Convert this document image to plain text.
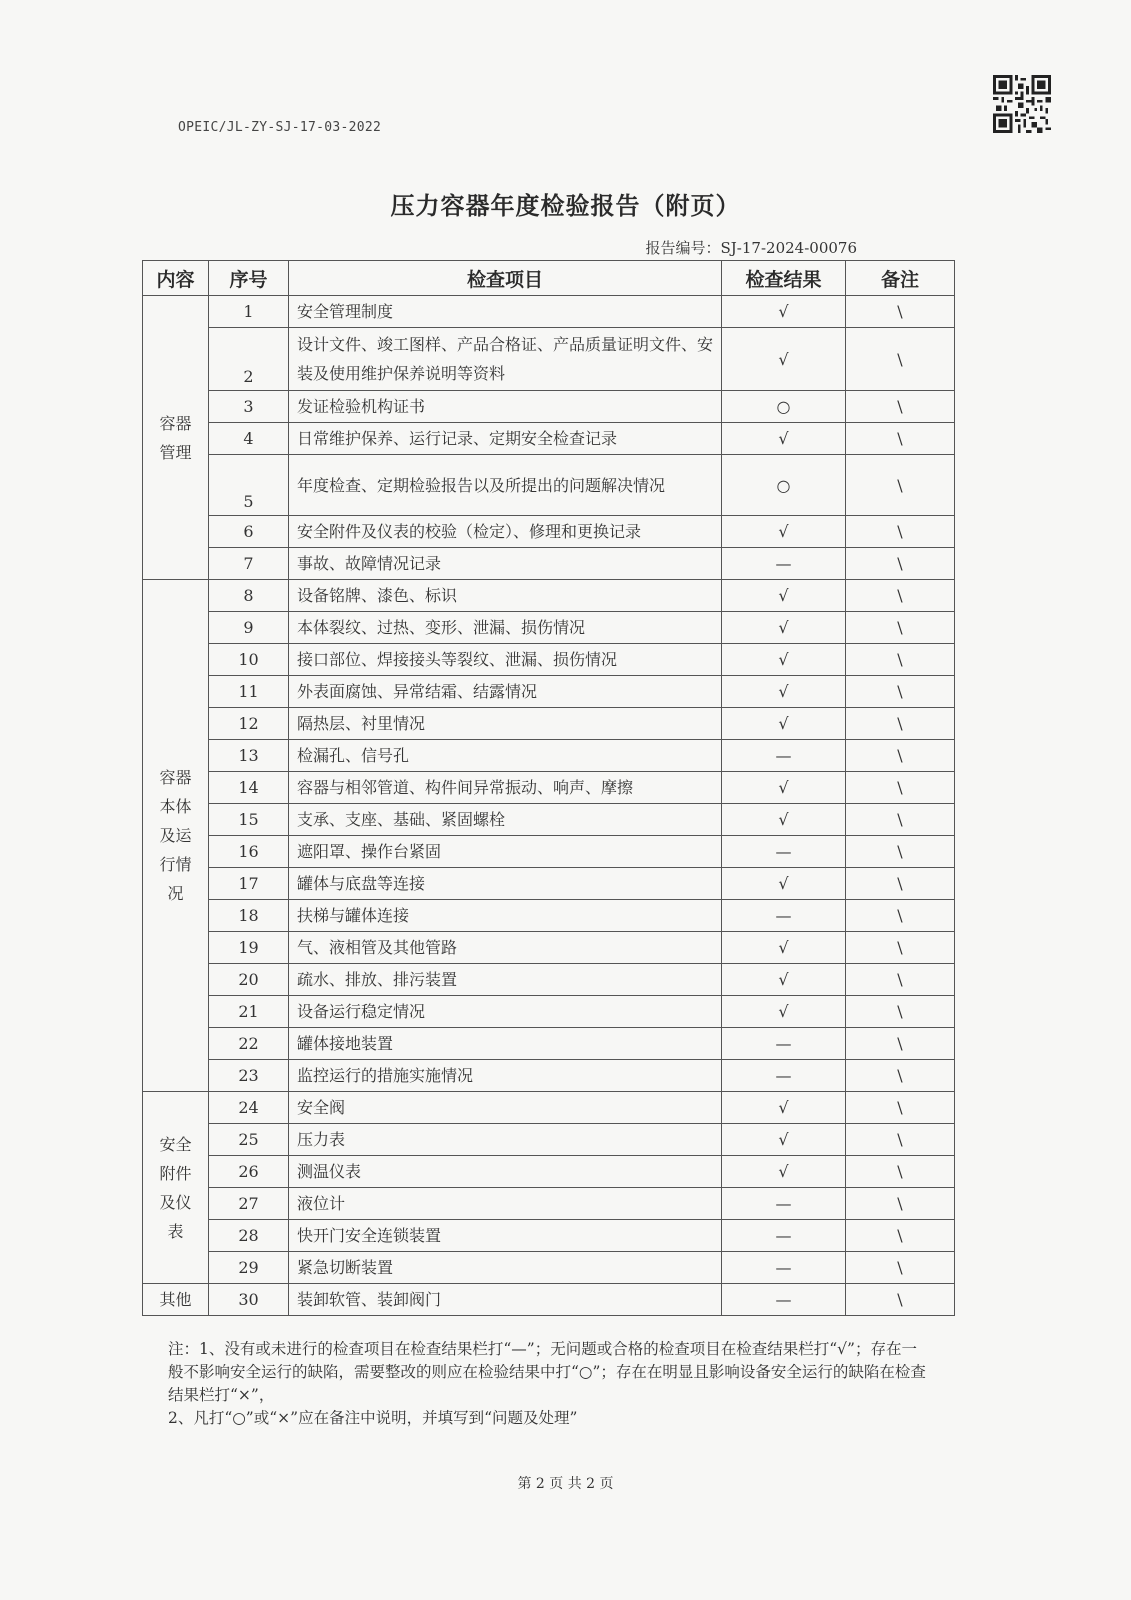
OPEIC/JL-ZY-SJ-17-03-2022
压力容器年度检验报告（附页）
报告编号：SJ-17-2024-00076
内容	序号	检查项目	检查结果	备注
容器管理	1	安全管理制度	√	\
	2	设计文件、竣工图样、产品合格证、产品质量证明文件、安装及使用维护保养说明等资料	√	\
	3	发证检验机构证书	○	\
	4	日常维护保养、运行记录、定期安全检查记录	√	\
	5	年度检查、定期检验报告以及所提出的问题解决情况	○	\
	6	安全附件及仪表的校验（检定）、修理和更换记录	√	\
	7	事故、故障情况记录	—	\
容器本体及运行情况	8	设备铭牌、漆色、标识	√	\
	9	本体裂纹、过热、变形、泄漏、损伤情况	√	\
	10	接口部位、焊接接头等裂纹、泄漏、损伤情况	√	\
	11	外表面腐蚀、异常结霜、结露情况	√	\
	12	隔热层、衬里情况	√	\
	13	检漏孔、信号孔	—	\
	14	容器与相邻管道、构件间异常振动、响声、摩擦	√	\
	15	支承、支座、基础、紧固螺栓	√	\
	16	遮阳罩、操作台紧固	—	\
	17	罐体与底盘等连接	√	\
	18	扶梯与罐体连接	—	\
	19	气、液相管及其他管路	√	\
	20	疏水、排放、排污装置	√	\
	21	设备运行稳定情况	√	\
	22	罐体接地装置	—	\
	23	监控运行的措施实施情况	—	\
安全附件及仪表	24	安全阀	√	\
	25	压力表	√	\
	26	测温仪表	√	\
	27	液位计	—	\
	28	快开门安全连锁装置	—	\
	29	紧急切断装置	—	\
其他	30	装卸软管、装卸阀门	—	\

注：1、没有或未进行的检查项目在检查结果栏打“—”；无问题或合格的检查项目在检查结果栏打“√”；存在一般不影响安全运行的缺陷，需要整改的则应在检验结果中打“○”；存在在明显且影响设备安全运行的缺陷在检查结果栏打“×”，

2、凡打“○”或“×”应在备注中说明，并填写到“问题及处理”

第 2 页 共 2 页
